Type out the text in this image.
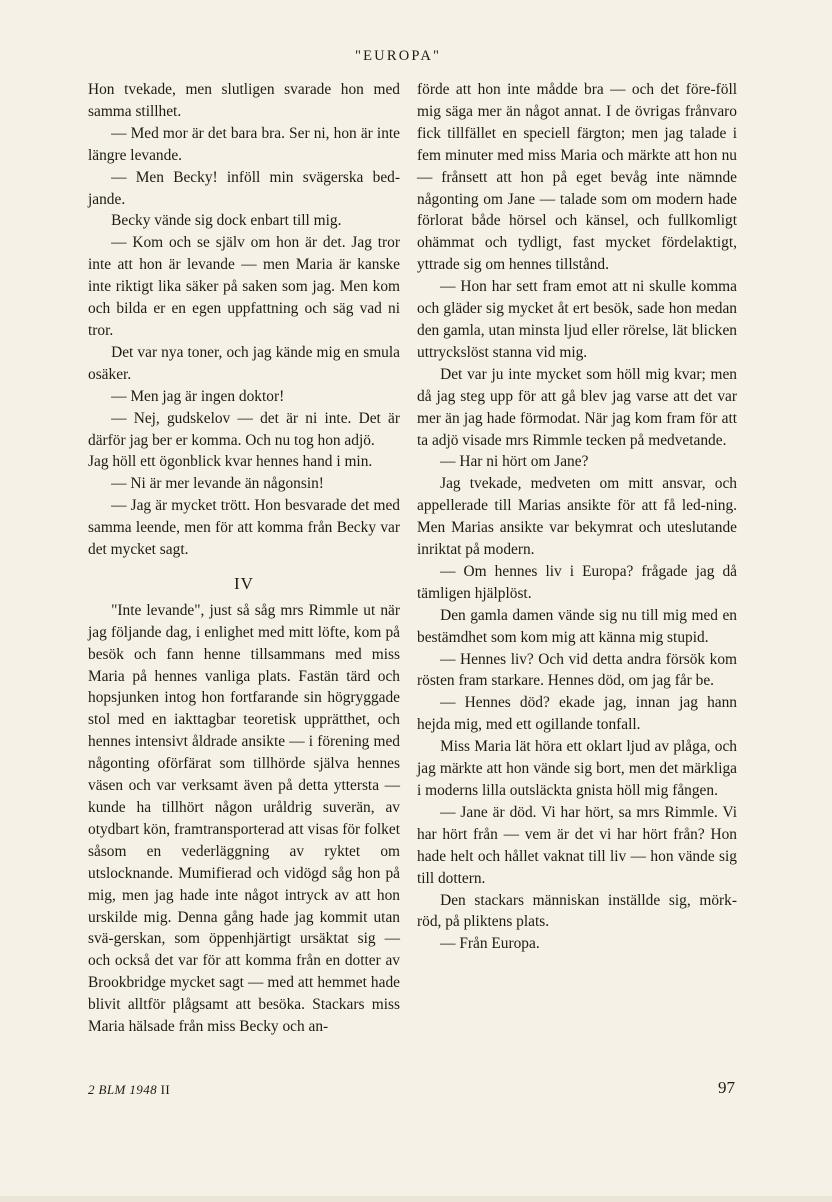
"EUROPA"

Hon tvekade, men slutligen svarade hon med samma stillhet.

— Med mor är det bara bra. Ser ni, hon är inte längre levande.

— Men Becky! inföll min svägerska bed-jande.

Becky vände sig dock enbart till mig.

— Kom och se själv om hon är det. Jag tror inte att hon är levande — men Maria är kanske inte riktigt lika säker på saken som jag. Men kom och bilda er en egen uppfattning och säg vad ni tror.

Det var nya toner, och jag kände mig en smula osäker.

— Men jag är ingen doktor!

— Nej, gudskelov — det är ni inte. Det är därför jag ber er komma. Och nu tog hon adjö.

Jag höll ett ögonblick kvar hennes hand i min.

— Ni är mer levande än någonsin!

— Jag är mycket trött. Hon besvarade det med samma leende, men för att komma från Becky var det mycket sagt.

IV

"Inte levande", just så såg mrs Rimmle ut när jag följande dag, i enlighet med mitt löfte, kom på besök och fann henne tillsammans med miss Maria på hennes vanliga plats. Fastän tärd och hopsjunken intog hon fortfarande sin högryggade stol med en iakttagbar teoretisk upprätthet, och hennes intensivt åldrade ansikte — i förening med någonting oförfärat som tillhörde själva hennes väsen och var verksamt även på detta yttersta — kunde ha tillhört någon uråldrig suverän, av otydbart kön, framtransporterad att visas för folket såsom en vederläggning av ryktet om utslocknande. Mumifierad och vidögd såg hon på mig, men jag hade inte något intryck av att hon urskilde mig. Denna gång hade jag kommit utan svä-gerskan, som öppenhjärtigt ursäktat sig — och också det var för att komma från en dotter av Brookbridge mycket sagt — med att hemmet hade blivit alltför plågsamt att besöka. Stackars miss Maria hälsade från miss Becky och an-

förde att hon inte mådde bra — och det före-föll mig säga mer än något annat. I de övrigas frånvaro fick tillfället en speciell färgton; men jag talade i fem minuter med miss Maria och märkte att hon nu — frånsett att hon på eget bevåg inte nämnde någonting om Jane — talade som om modern hade förlorat både hörsel och känsel, och fullkomligt ohämmat och tydligt, fast mycket fördelaktigt, yttrade sig om hennes tillstånd.

— Hon har sett fram emot att ni skulle komma och gläder sig mycket åt ert besök, sade hon medan den gamla, utan minsta ljud eller rörelse, lät blicken uttryckslöst stanna vid mig.

Det var ju inte mycket som höll mig kvar; men då jag steg upp för att gå blev jag varse att det var mer än jag hade förmodat. När jag kom fram för att ta adjö visade mrs Rimmle tecken på medvetande.

— Har ni hört om Jane?

Jag tvekade, medveten om mitt ansvar, och appellerade till Marias ansikte för att få led-ning. Men Marias ansikte var bekymrat och uteslutande inriktat på modern.

— Om hennes liv i Europa? frågade jag då tämligen hjälplöst.

Den gamla damen vände sig nu till mig med en bestämdhet som kom mig att känna mig stupid.

— Hennes liv? Och vid detta andra försök kom rösten fram starkare. Hennes död, om jag får be.

— Hennes död? ekade jag, innan jag hann hejda mig, med ett ogillande tonfall.

Miss Maria lät höra ett oklart ljud av plåga, och jag märkte att hon vände sig bort, men det märkliga i moderns lilla outsläckta gnista höll mig fången.

— Jane är död. Vi har hört, sa mrs Rimmle. Vi har hört från — vem är det vi har hört från? Hon hade helt och hållet vaknat till liv — hon vände sig till dottern.

Den stackars människan inställde sig, mörk-röd, på pliktens plats.

— Från Europa.

2 BLM 1948 II	97
